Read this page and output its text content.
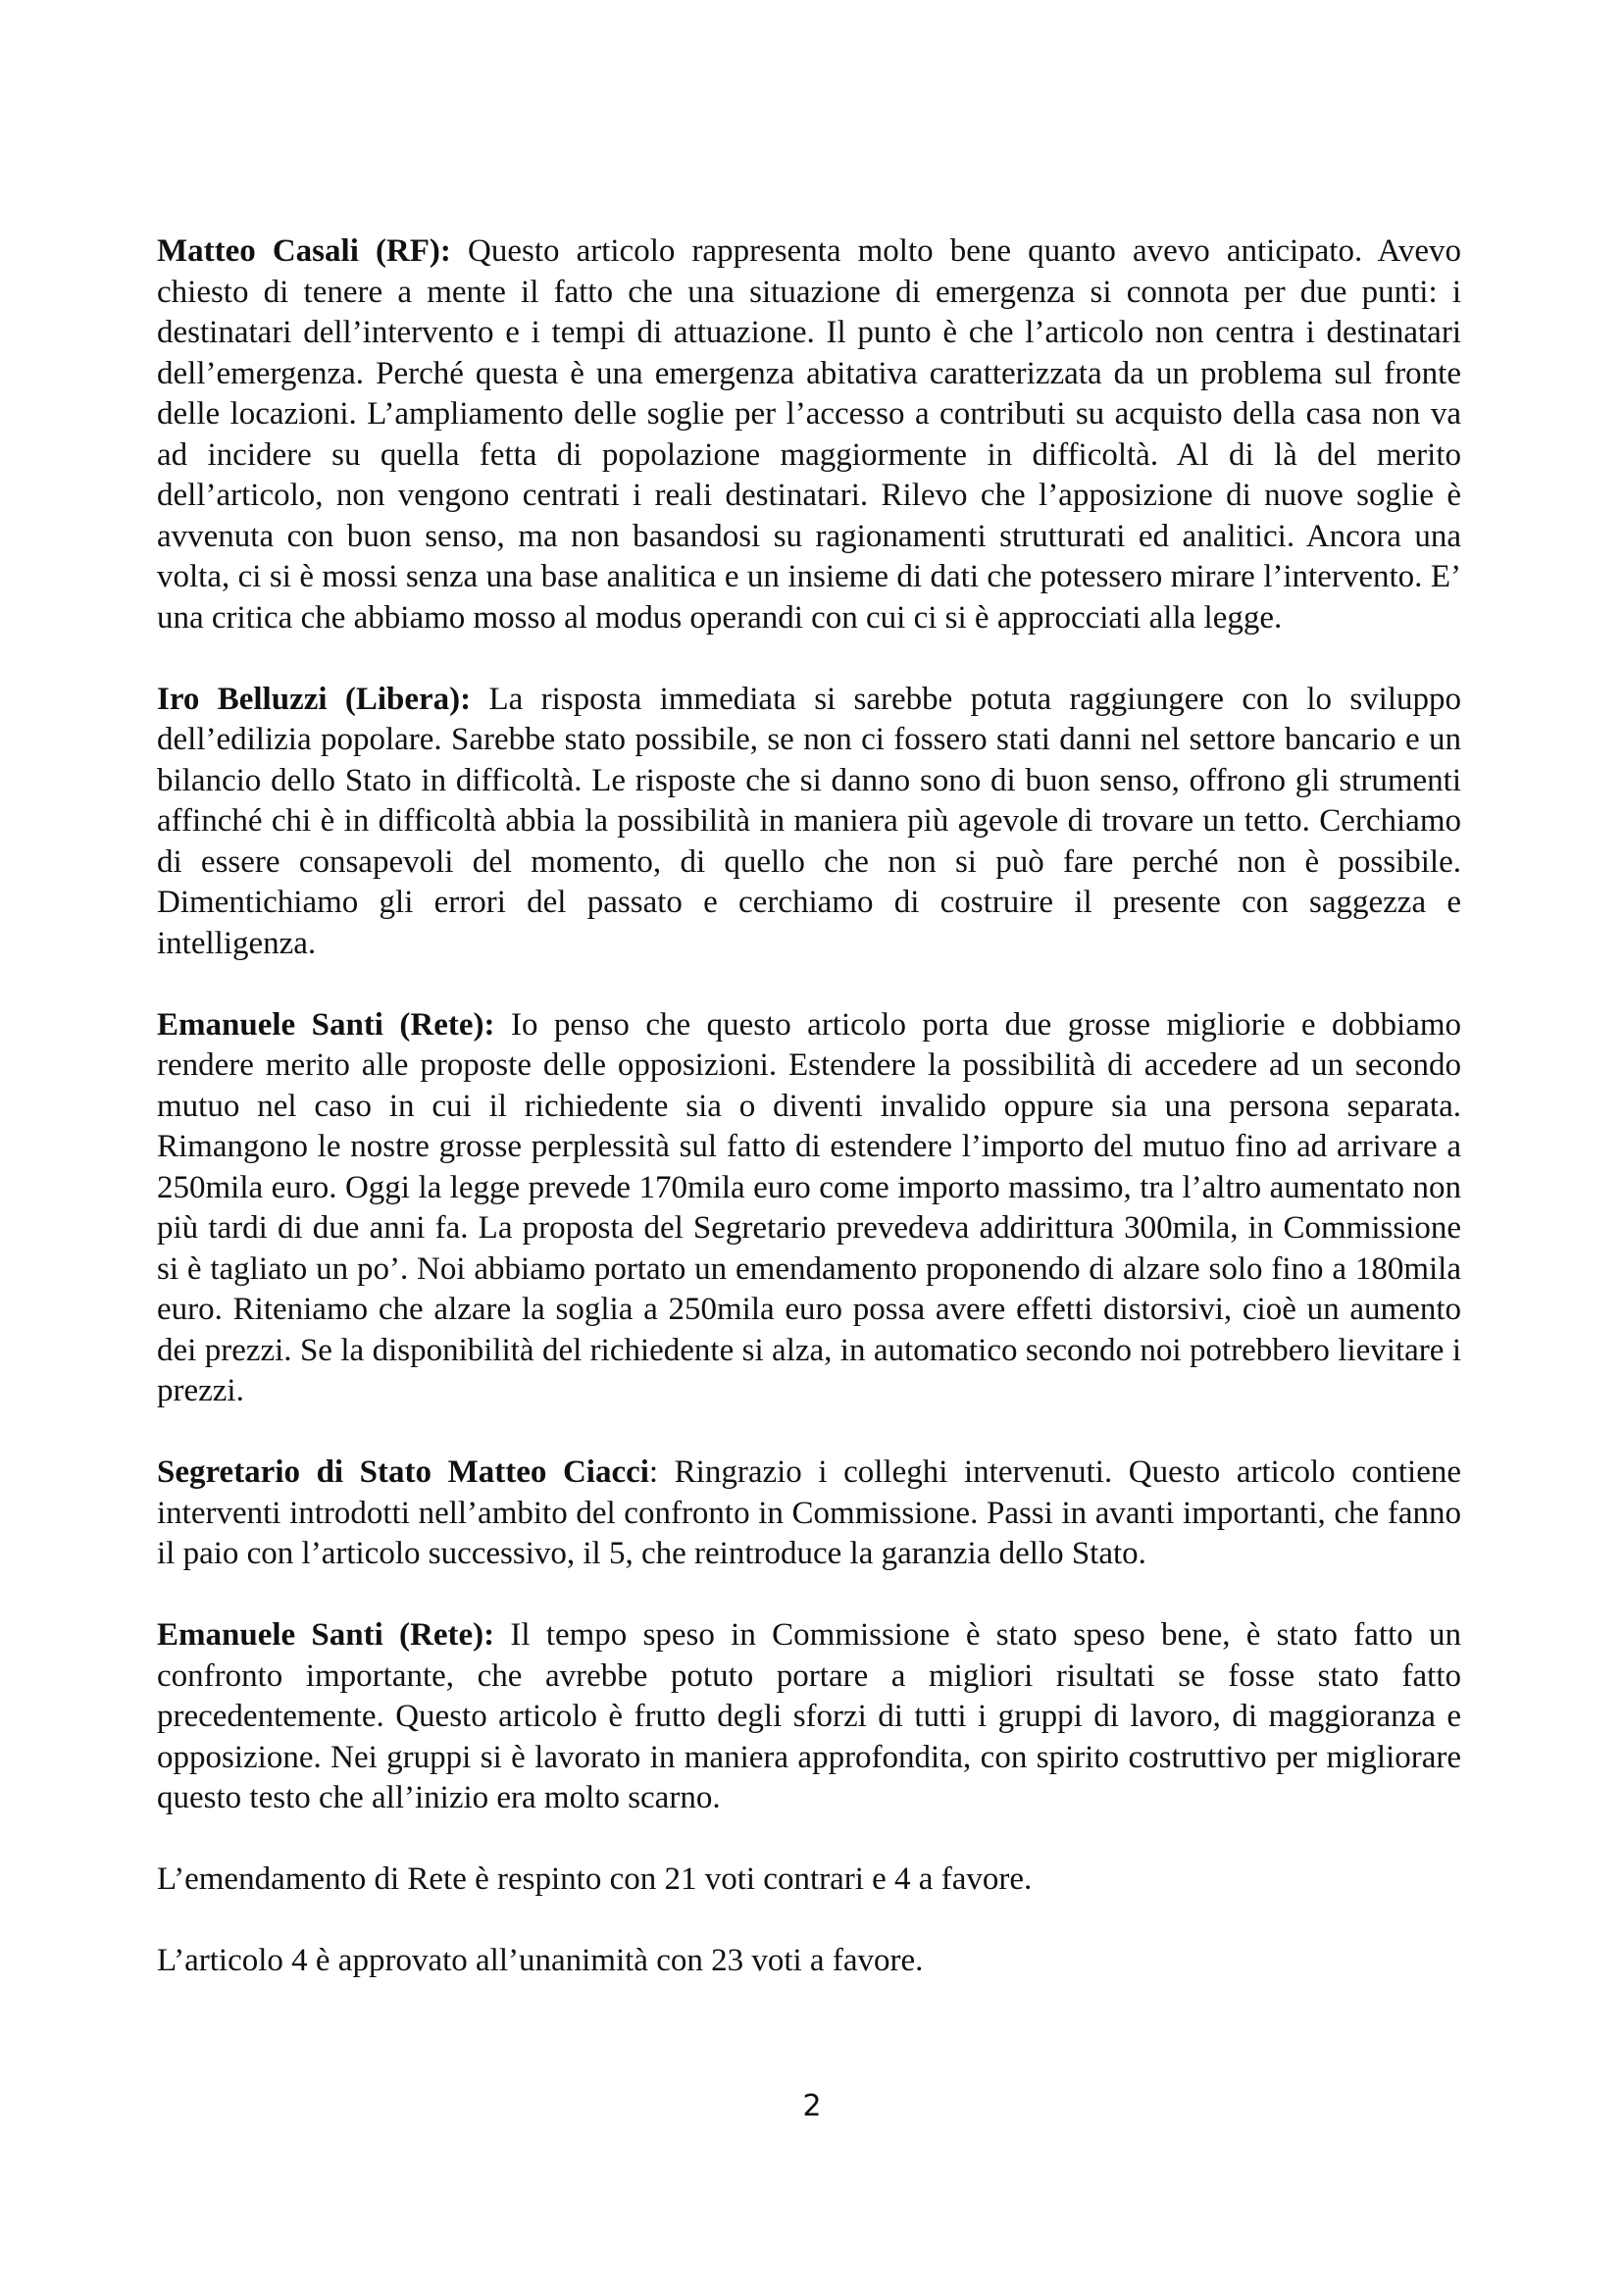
Matteo Casali (RF): Questo articolo rappresenta molto bene quanto avevo anticipato. Avevo chiesto di tenere a mente il fatto che una situazione di emergenza si connota per due punti: i destinatari dell’intervento e i tempi di attuazione. Il punto è che l’articolo non centra i destinatari dell’emergenza. Perché questa è una emergenza abitativa caratterizzata da un problema sul fronte delle locazioni. L’ampliamento delle soglie per l’accesso a contributi su acquisto della casa non va ad incidere su quella fetta di popolazione maggiormente in difficoltà. Al di là del merito dell’articolo, non vengono centrati i reali destinatari. Rilevo che l’apposizione di nuove soglie è avvenuta con buon senso, ma non basandosi su ragionamenti strutturati ed analitici. Ancora una volta, ci si è mossi senza una base analitica e un insieme di dati che potessero mirare l’intervento. E’ una critica che abbiamo mosso al modus operandi con cui ci si è approcciati alla legge.

Iro Belluzzi (Libera): La risposta immediata si sarebbe potuta raggiungere con lo sviluppo dell’edilizia popolare. Sarebbe stato possibile, se non ci fossero stati danni nel settore bancario e un bilancio dello Stato in difficoltà. Le risposte che si danno sono di buon senso, offrono gli strumenti affinché chi è in difficoltà abbia la possibilità in maniera più agevole di trovare un tetto. Cerchiamo di essere consapevoli del momento, di quello che non si può fare perché non è possibile. Dimentichiamo gli errori del passato e cerchiamo di costruire il presente con saggezza e intelligenza.

Emanuele Santi (Rete): Io penso che questo articolo porta due grosse migliorie e dobbiamo rendere merito alle proposte delle opposizioni. Estendere la possibilità di accedere ad un secondo mutuo nel caso in cui il richiedente sia o diventi invalido oppure sia una persona separata. Rimangono le nostre grosse perplessità sul fatto di estendere l’importo del mutuo fino ad arrivare a 250mila euro. Oggi la legge prevede 170mila euro come importo massimo, tra l’altro aumentato non più tardi di due anni fa. La proposta del Segretario prevedeva addirittura 300mila, in Commissione si è tagliato un po’. Noi abbiamo portato un emendamento proponendo di alzare solo fino a 180mila euro. Riteniamo che alzare la soglia a 250mila euro possa avere effetti distorsivi, cioè un aumento dei prezzi. Se la disponibilità del richiedente si alza, in automatico secondo noi potrebbero lievitare i prezzi.

Segretario di Stato Matteo Ciacci: Ringrazio i colleghi intervenuti. Questo articolo contiene interventi introdotti nell’ambito del confronto in Commissione. Passi in avanti importanti, che fanno il paio con l’articolo successivo, il 5, che reintroduce la garanzia dello Stato.

Emanuele Santi (Rete): Il tempo speso in Commissione è stato speso bene, è stato fatto un confronto importante, che avrebbe potuto portare a migliori risultati se fosse stato fatto precedentemente. Questo articolo è frutto degli sforzi di tutti i gruppi di lavoro, di maggioranza e opposizione. Nei gruppi si è lavorato in maniera approfondita, con spirito costruttivo per migliorare questo testo che all’inizio era molto scarno.

L’emendamento di Rete è respinto con 21 voti contrari e 4 a favore.

L’articolo 4 è approvato all’unanimità con 23 voti a favore.

2
